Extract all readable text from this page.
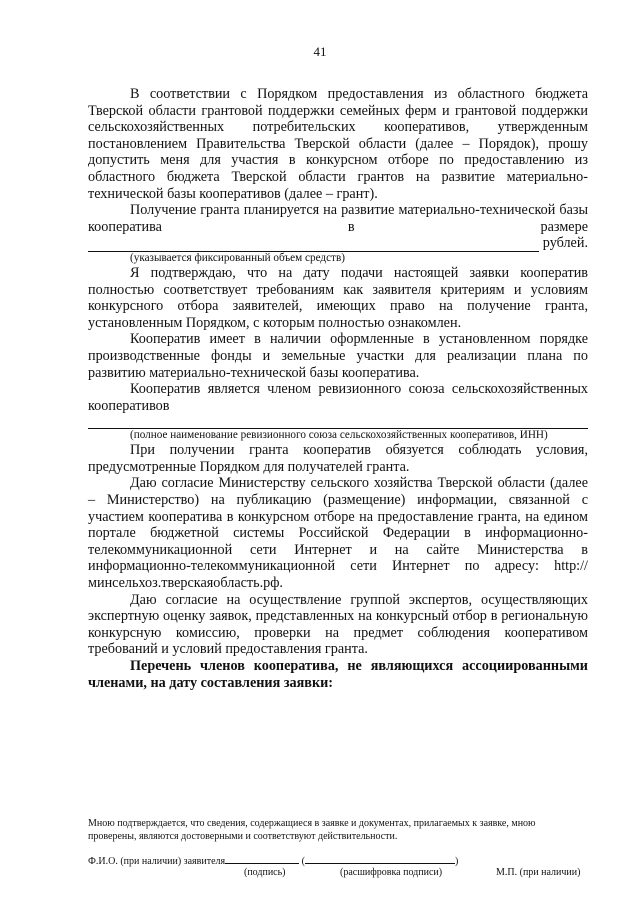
41

В соответствии с Порядком предоставления из областного бюджета Тверской области грантовой поддержки семейных ферм и грантовой поддержки сельскохозяйственных потребительских кооперативов, утвержденным постановлением Правительства Тверской области (далее – Порядок), прошу допустить меня для участия в конкурсном отборе по предоставлению из областного бюджета Тверской области грантов на развитие материально-технической базы кооперативов (далее – грант).

Получение гранта планируется на развитие материально-технической базы кооператива в размере

рублей.

(указывается фиксированный объем средств)

Я подтверждаю, что на дату подачи настоящей заявки кооператив полностью соответствует требованиям как заявителя критериям и условиям конкурсного отбора заявителей, имеющих право на получение гранта, установленным Порядком, с которым полностью ознакомлен.

Кооператив имеет в наличии оформленные в установленном порядке производственные фонды и земельные участки для реализации плана по развитию материально-технической базы кооператива.

Кооператив является членом ревизионного союза сельскохозяйственных кооперативов

(полное наименование ревизионного союза сельскохозяйственных кооперативов, ИНН)

При получении гранта кооператив обязуется соблюдать условия, предусмотренные Порядком для получателей гранта.

Даю согласие Министерству сельского хозяйства Тверской области (далее – Министерство) на публикацию (размещение) информации, связанной с участием кооператива в конкурсном отборе на предоставление гранта, на едином портале бюджетной системы Российской Федерации в информационно-телекоммуникационной сети Интернет и на сайте Министерства в информационно-телекоммуникационной сети Интернет по адресу: http://минсельхоз.тверскаяобласть.рф.

Даю согласие на осуществление группой экспертов, осуществляющих экспертную оценку заявок, представленных на конкурсный отбор в региональную конкурсную комиссию, проверки на предмет соблюдения кооперативом требований и условий предоставления гранта.

Перечень членов кооператива, не являющихся ассоциированными членами, на дату составления заявки:

Мною подтверждается, что сведения, содержащиеся в заявке и документах, прилагаемых к заявке, мною проверены, являются достоверными и соответствуют действительности.
Ф.И.О. (при наличии) заявителя	(	)
(подпись)	(расшифровка подписи)	М.П. (при наличии)
